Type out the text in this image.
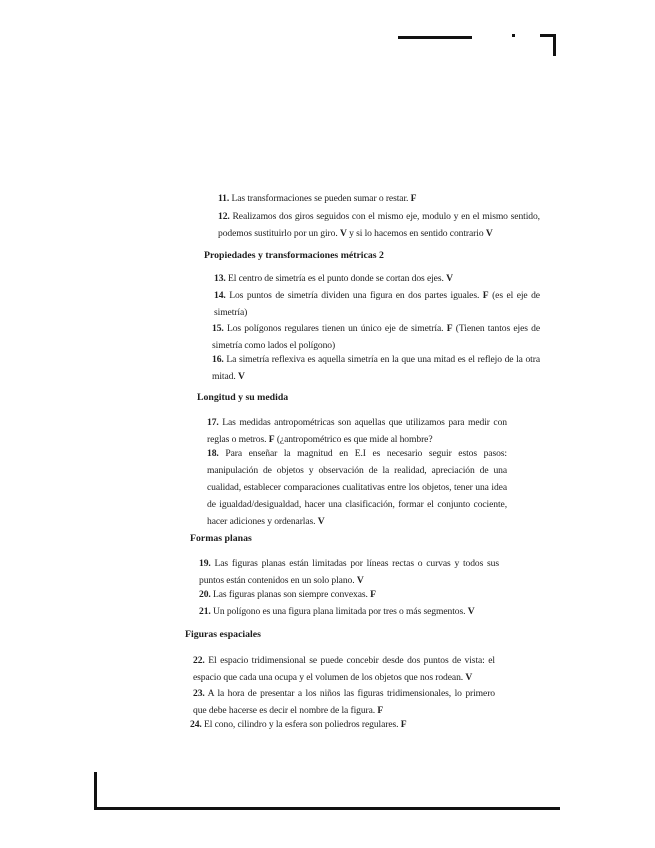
11. Las transformaciones se pueden sumar o restar. F
12. Realizamos dos giros seguidos con el mismo eje, modulo y en el mismo sentido, podemos sustituirlo por un giro. V y si lo hacemos en sentido contrario V
Propiedades y transformaciones métricas 2
13. El centro de simetría es el punto donde se cortan dos ejes. V
14. Los puntos de simetría dividen una figura en dos partes iguales. F (es el eje de simetría)
15. Los polígonos regulares tienen un único eje de simetría. F (Tienen tantos ejes de simetría como lados el polígono)
16. La simetría reflexiva es aquella simetría en la que una mitad es el reflejo de la otra mitad. V
Longitud y su medida
17. Las medidas antropométricas son aquellas que utilizamos para medir con reglas o metros. F (¿antropométrico es que mide al hombre?
18. Para enseñar la magnitud en E.I es necesario seguir estos pasos: manipulación de objetos y observación de la realidad, apreciación de una cualidad, establecer comparaciones cualitativas entre los objetos, tener una idea de igualdad/desigualdad, hacer una clasificación, formar el conjunto cociente, hacer adiciones y ordenarlas. V
Formas planas
19. Las figuras planas están limitadas por líneas rectas o curvas y todos sus puntos están contenidos en un solo plano. V
20. Las figuras planas son siempre convexas. F
21. Un polígono es una figura plana limitada por tres o más segmentos. V
Figuras espaciales
22. El espacio tridimensional se puede concebir desde dos puntos de vista: el espacio que cada una ocupa y el volumen de los objetos que nos rodean. V
23. A la hora de presentar a los niños las figuras tridimensionales, lo primero que debe hacerse es decir el nombre de la figura. F
24. El cono, cilindro y la esfera son poliedros regulares. F
